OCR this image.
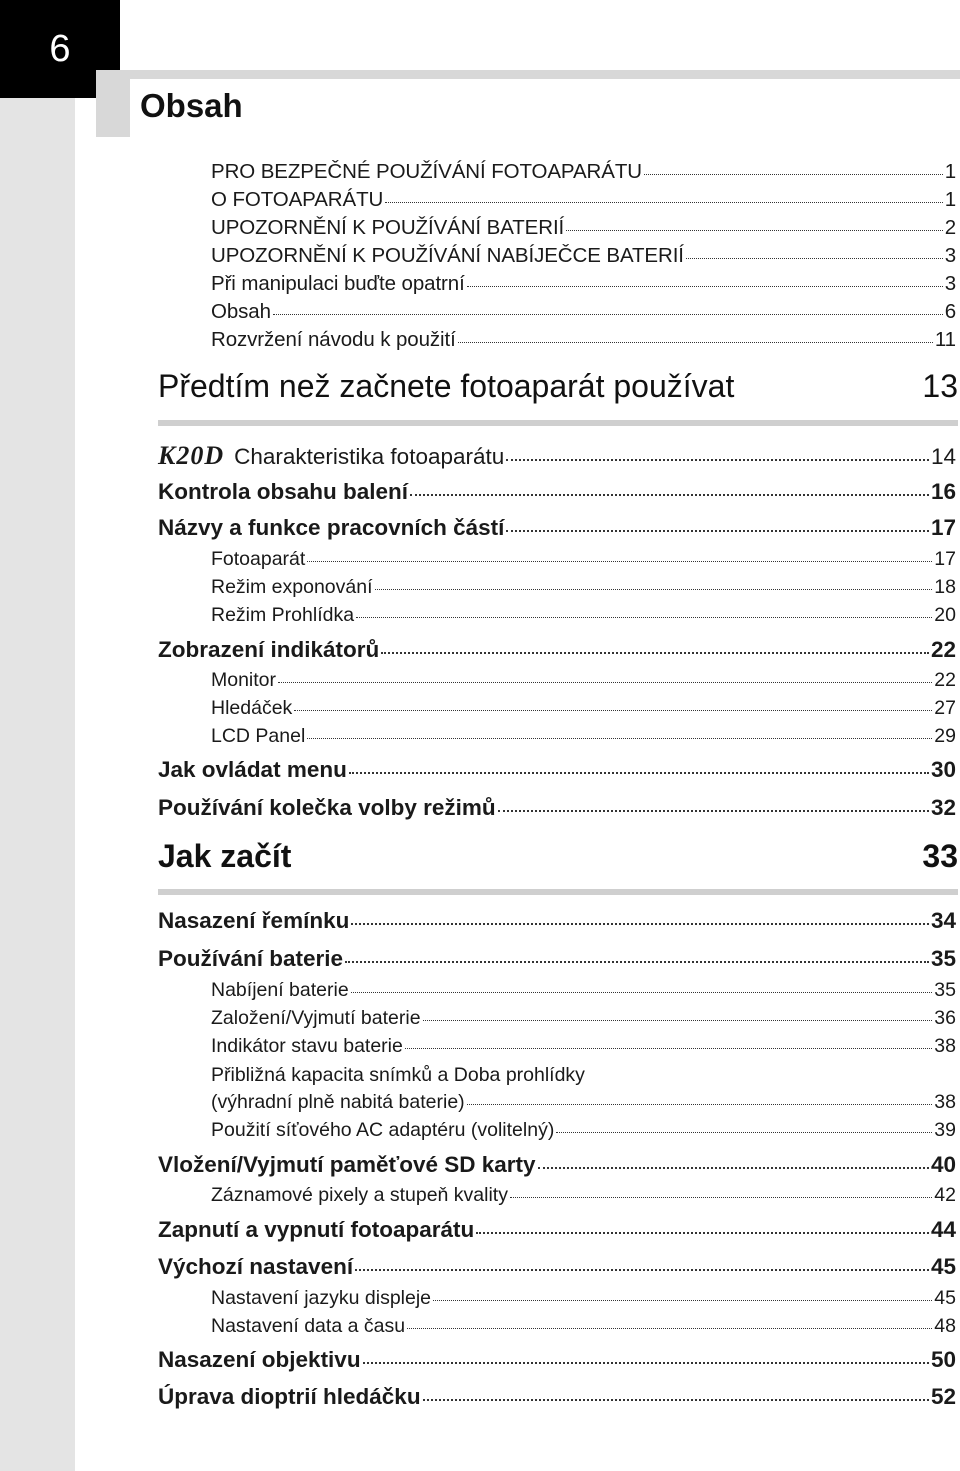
6
Obsah
PRO BEZPEČNÉ POUŽÍVÁNÍ FOTOAPARÁTU	1
O FOTOAPARÁTU	1
UPOZORNĚNÍ K POUŽÍVÁNÍ BATERIÍ	2
UPOZORNĚNÍ K POUŽÍVÁNÍ NABÍJEČCE BATERIÍ	3
Při manipulaci buďte opatrní	3
Obsah	6
Rozvržení návodu k použití	11
Předtím než začnete fotoaparát používat	13
K20D Charakteristika fotoaparátu	14
Kontrola obsahu balení	16
Názvy a funkce pracovních částí	17
Fotoaparát	17
Režim exponování	18
Režim Prohlídka	20
Zobrazení indikátorů	22
Monitor	22
Hledáček	27
LCD Panel	29
Jak ovládat menu	30
Používání kolečka volby režimů	32
Jak začít	33
Nasazení řemínku	34
Používání baterie	35
Nabíjení baterie	35
Založení/Vyjmutí baterie	36
Indikátor stavu baterie	38
Přibližná kapacita snímků a Doba prohlídky
(výhradní plně nabitá baterie)	38
Použití síťového AC adaptéru (volitelný)	39
Vložení/Vyjmutí paměťové SD karty	40
Záznamové pixely a stupeň kvality	42
Zapnutí a vypnutí fotoaparátu	44
Výchozí nastavení	45
Nastavení jazyku displeje	45
Nastavení data a času	48
Nasazení objektivu	50
Úprava dioptrií hledáčku	52
